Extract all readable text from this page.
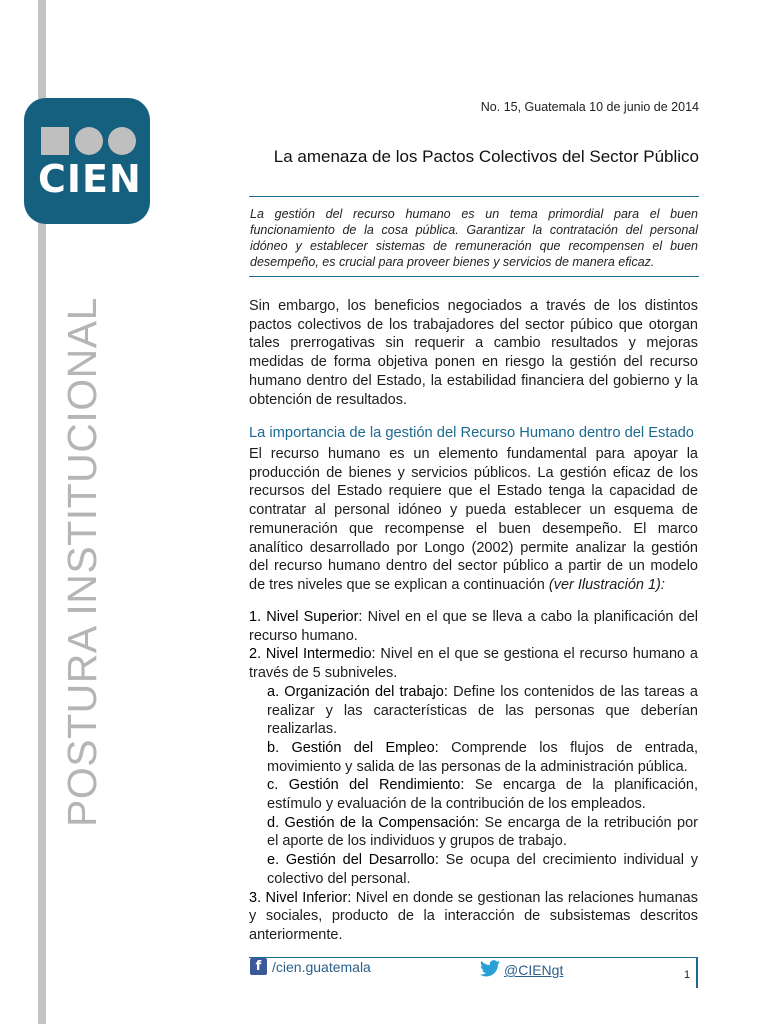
CIEN
POSTURA INSTITUCIONAL
No. 15, Guatemala 10 de junio de 2014
La amenaza de los Pactos Colectivos del Sector Público
La gestión del recurso humano es un tema primordial para el buen funcionamiento de la cosa pública. Garantizar la contratación del personal idóneo y establecer sistemas de remuneración que recompensen el buen desempeño, es crucial para proveer bienes y servicios de manera eficaz.
Sin embargo, los beneficios negociados a través de los distintos pactos colectivos de los trabajadores del sector púbico que otorgan tales prerrogativas sin requerir a cambio resultados y mejoras medidas de forma objetiva ponen en riesgo la gestión del recurso humano dentro del Estado, la estabilidad financiera del gobierno y la obtención de resultados.
La importancia de la gestión del Recurso Humano dentro del Estado
El recurso humano es un elemento fundamental para apoyar la producción de bienes y servicios públicos. La gestión eficaz de los recursos del Estado requiere que el Estado tenga la capacidad de contratar al personal idóneo y pueda establecer un esquema de remuneración que recompense el buen desempeño. El marco analítico desarrollado por Longo (2002) permite analizar la gestión del recurso humano dentro del sector público a partir de un modelo de tres niveles que se explican a continuación (ver Ilustración 1):
1. Nivel Superior: Nivel en el que se lleva a cabo la planificación del recurso humano.
2. Nivel Intermedio: Nivel en el que se gestiona el recurso humano a través de 5 subniveles.
a. Organización del trabajo: Define los contenidos de las tareas a realizar y las características de las personas que deberían realizarlas.
b. Gestión del Empleo: Comprende los flujos de entrada, movimiento y salida de las personas de la administración pública.
c. Gestión del Rendimiento: Se encarga de la planificación, estímulo y evaluación de la contribución de los empleados.
d. Gestión de la Compensación: Se encarga de la retribución por el aporte de los individuos y grupos de trabajo.
e. Gestión del Desarrollo: Se ocupa del crecimiento individual y colectivo del personal.
3. Nivel Inferior: Nivel en donde se gestionan las relaciones humanas y sociales, producto de la interacción de subsistemas descritos anteriormente.
f /cien.guatemala	@CIENgt	1
